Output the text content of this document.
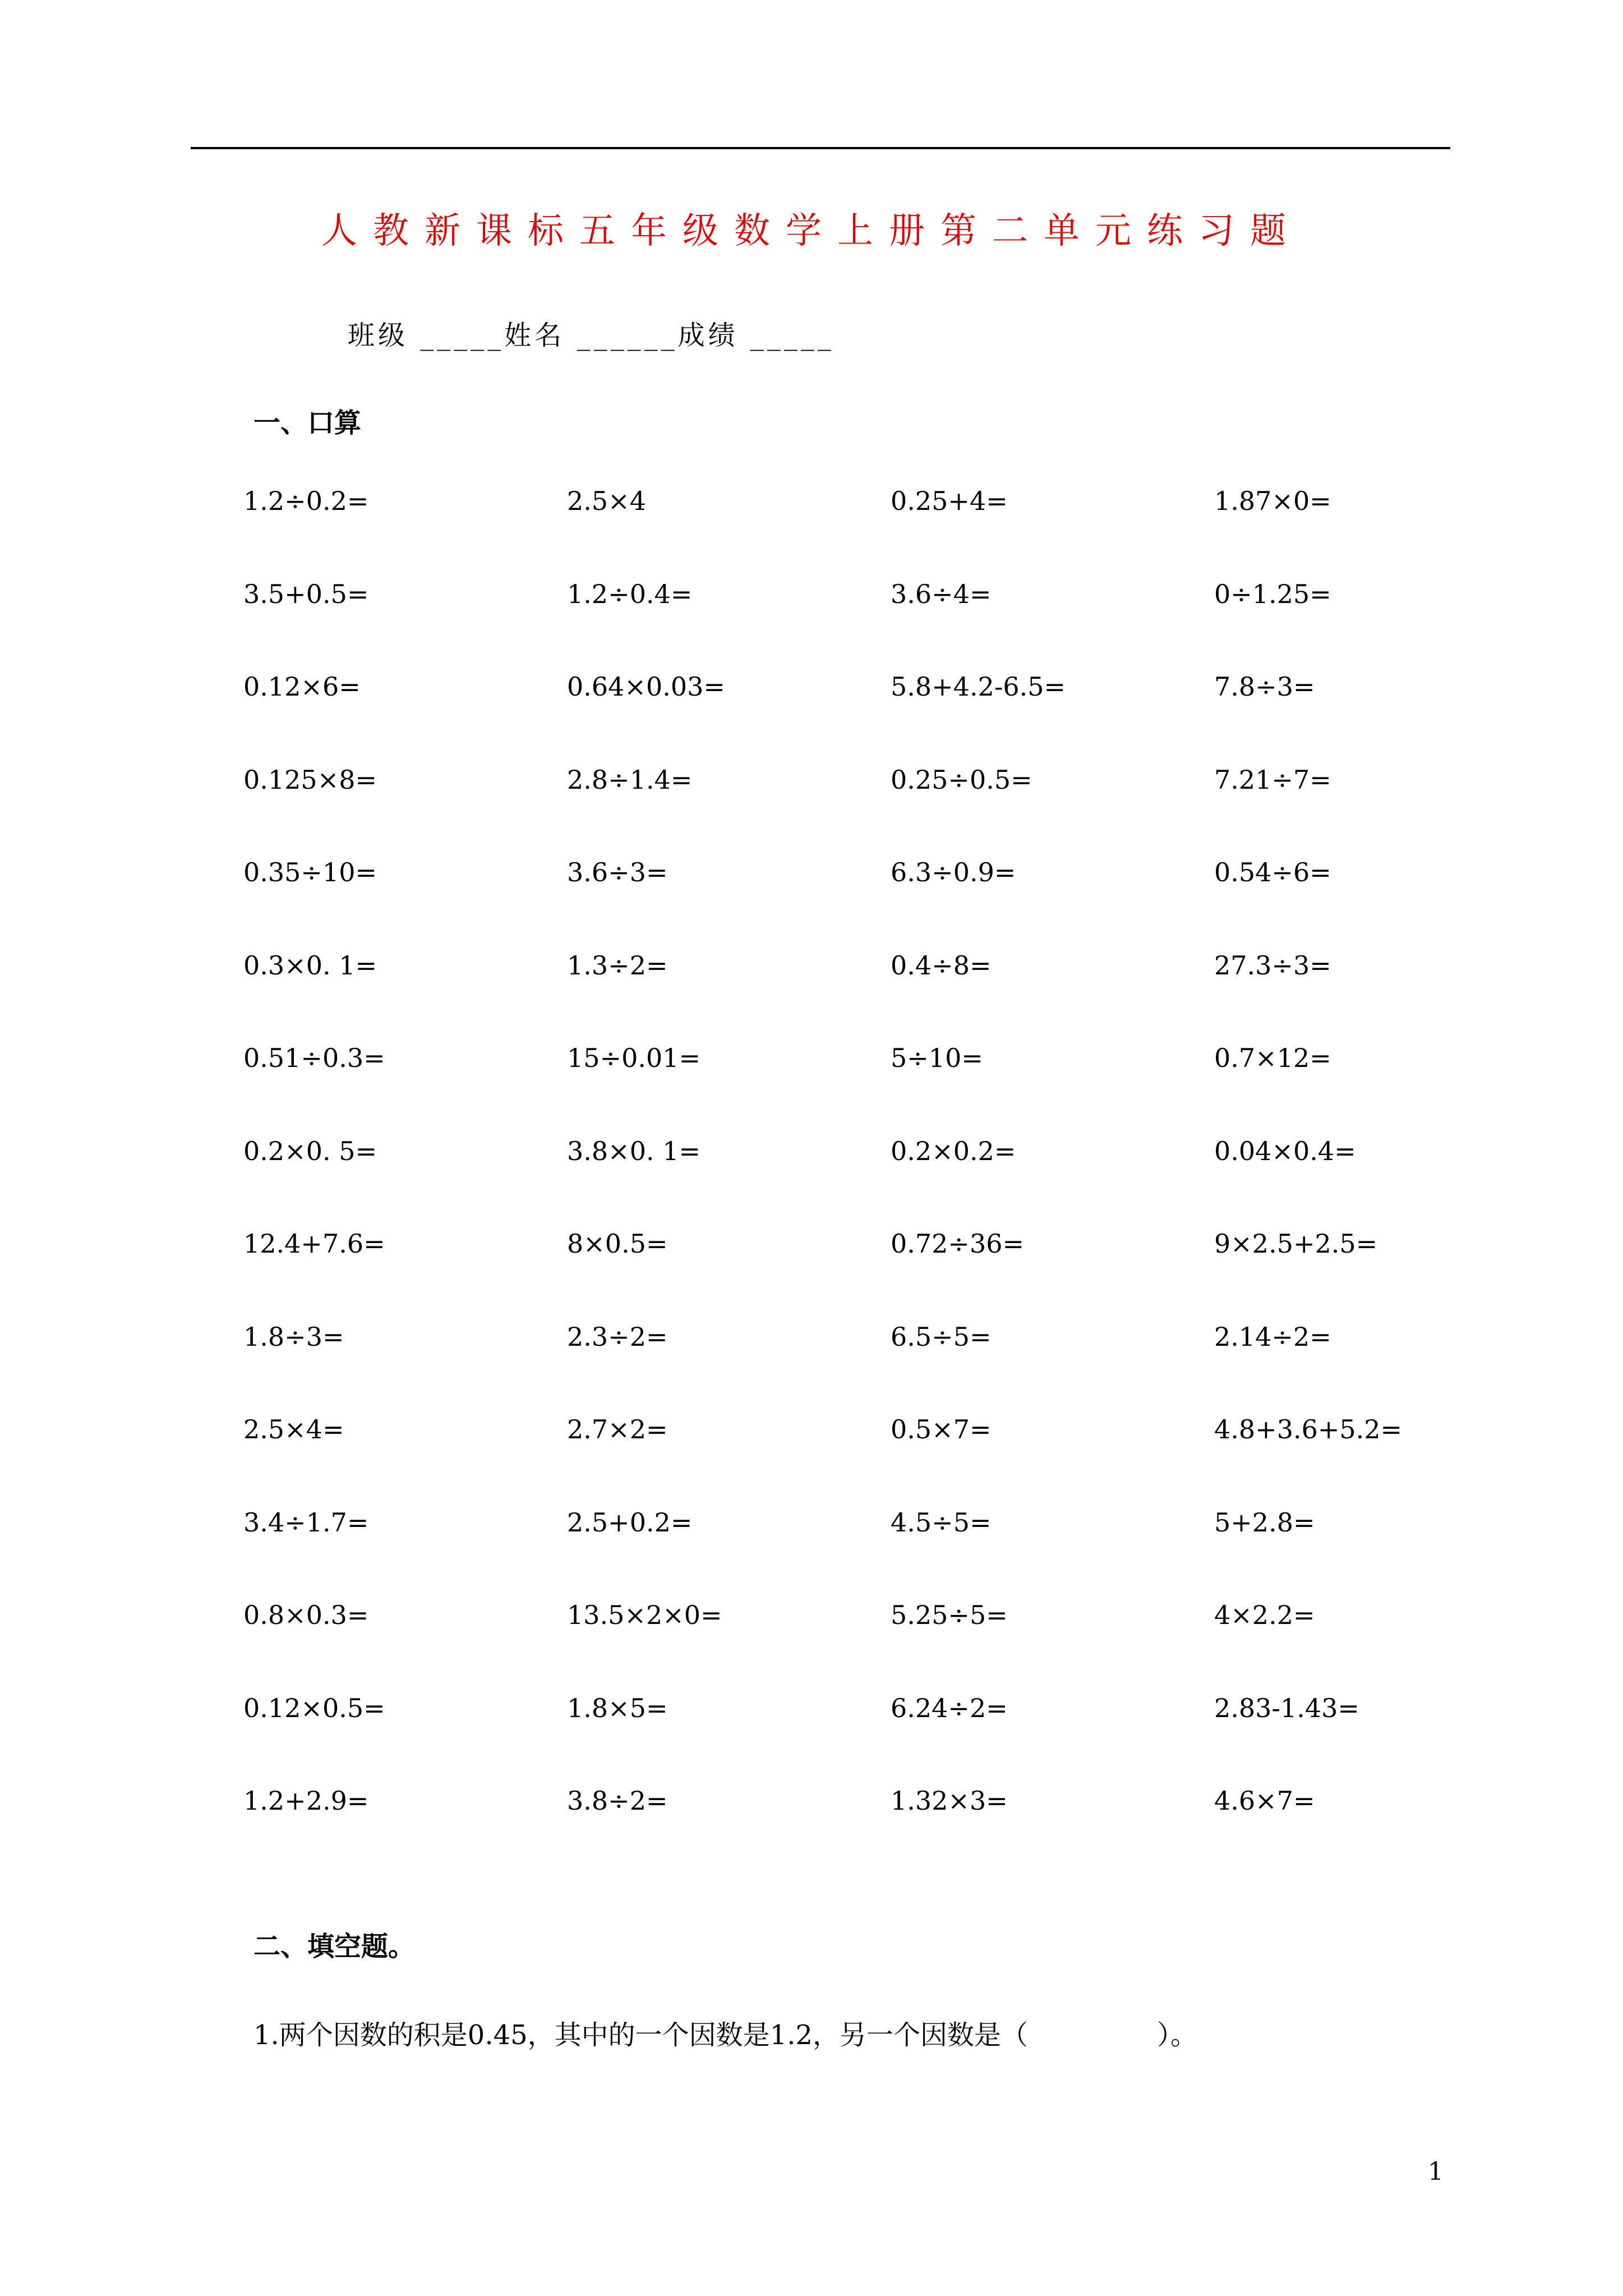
人教新课标五年级数学上册第二单元练习题
班级 _____姓名 ______成绩 _____
一、口算
1.2÷0.2=	2.5×4	0.25+4=	1.87×0=
3.5+0.5=	1.2÷0.4=	3.6÷4=	0÷1.25=
0.12×6=	0.64×0.03=	5.8+4.2-6.5=	7.8÷3=
0.125×8=	2.8÷1.4=	0.25÷0.5=	7.21÷7=
0.35÷10=	3.6÷3=	6.3÷0.9=	0.54÷6=
0.3×0. 1=	1.3÷2=	0.4÷8=	27.3÷3=
0.51÷0.3=	15÷0.01=	5÷10=	0.7×12=
0.2×0. 5=	3.8×0. 1=	0.2×0.2=	0.04×0.4=
12.4+7.6=	8×0.5=	0.72÷36=	9×2.5+2.5=
1.8÷3=	2.3÷2=	6.5÷5=	2.14÷2=
2.5×4=	2.7×2=	0.5×7=	4.8+3.6+5.2=
3.4÷1.7=	2.5+0.2=	4.5÷5=	5+2.8=
0.8×0.3=	13.5×2×0=	5.25÷5=	4×2.2=
0.12×0.5=	1.8×5=	6.24÷2=	2.83-1.43=
1.2+2.9=	3.8÷2=	1.32×3=	4.6×7=
二、填空题。
1.两个因数的积是0.45，其中的一个因数是1.2，另一个因数是（	）。
1
